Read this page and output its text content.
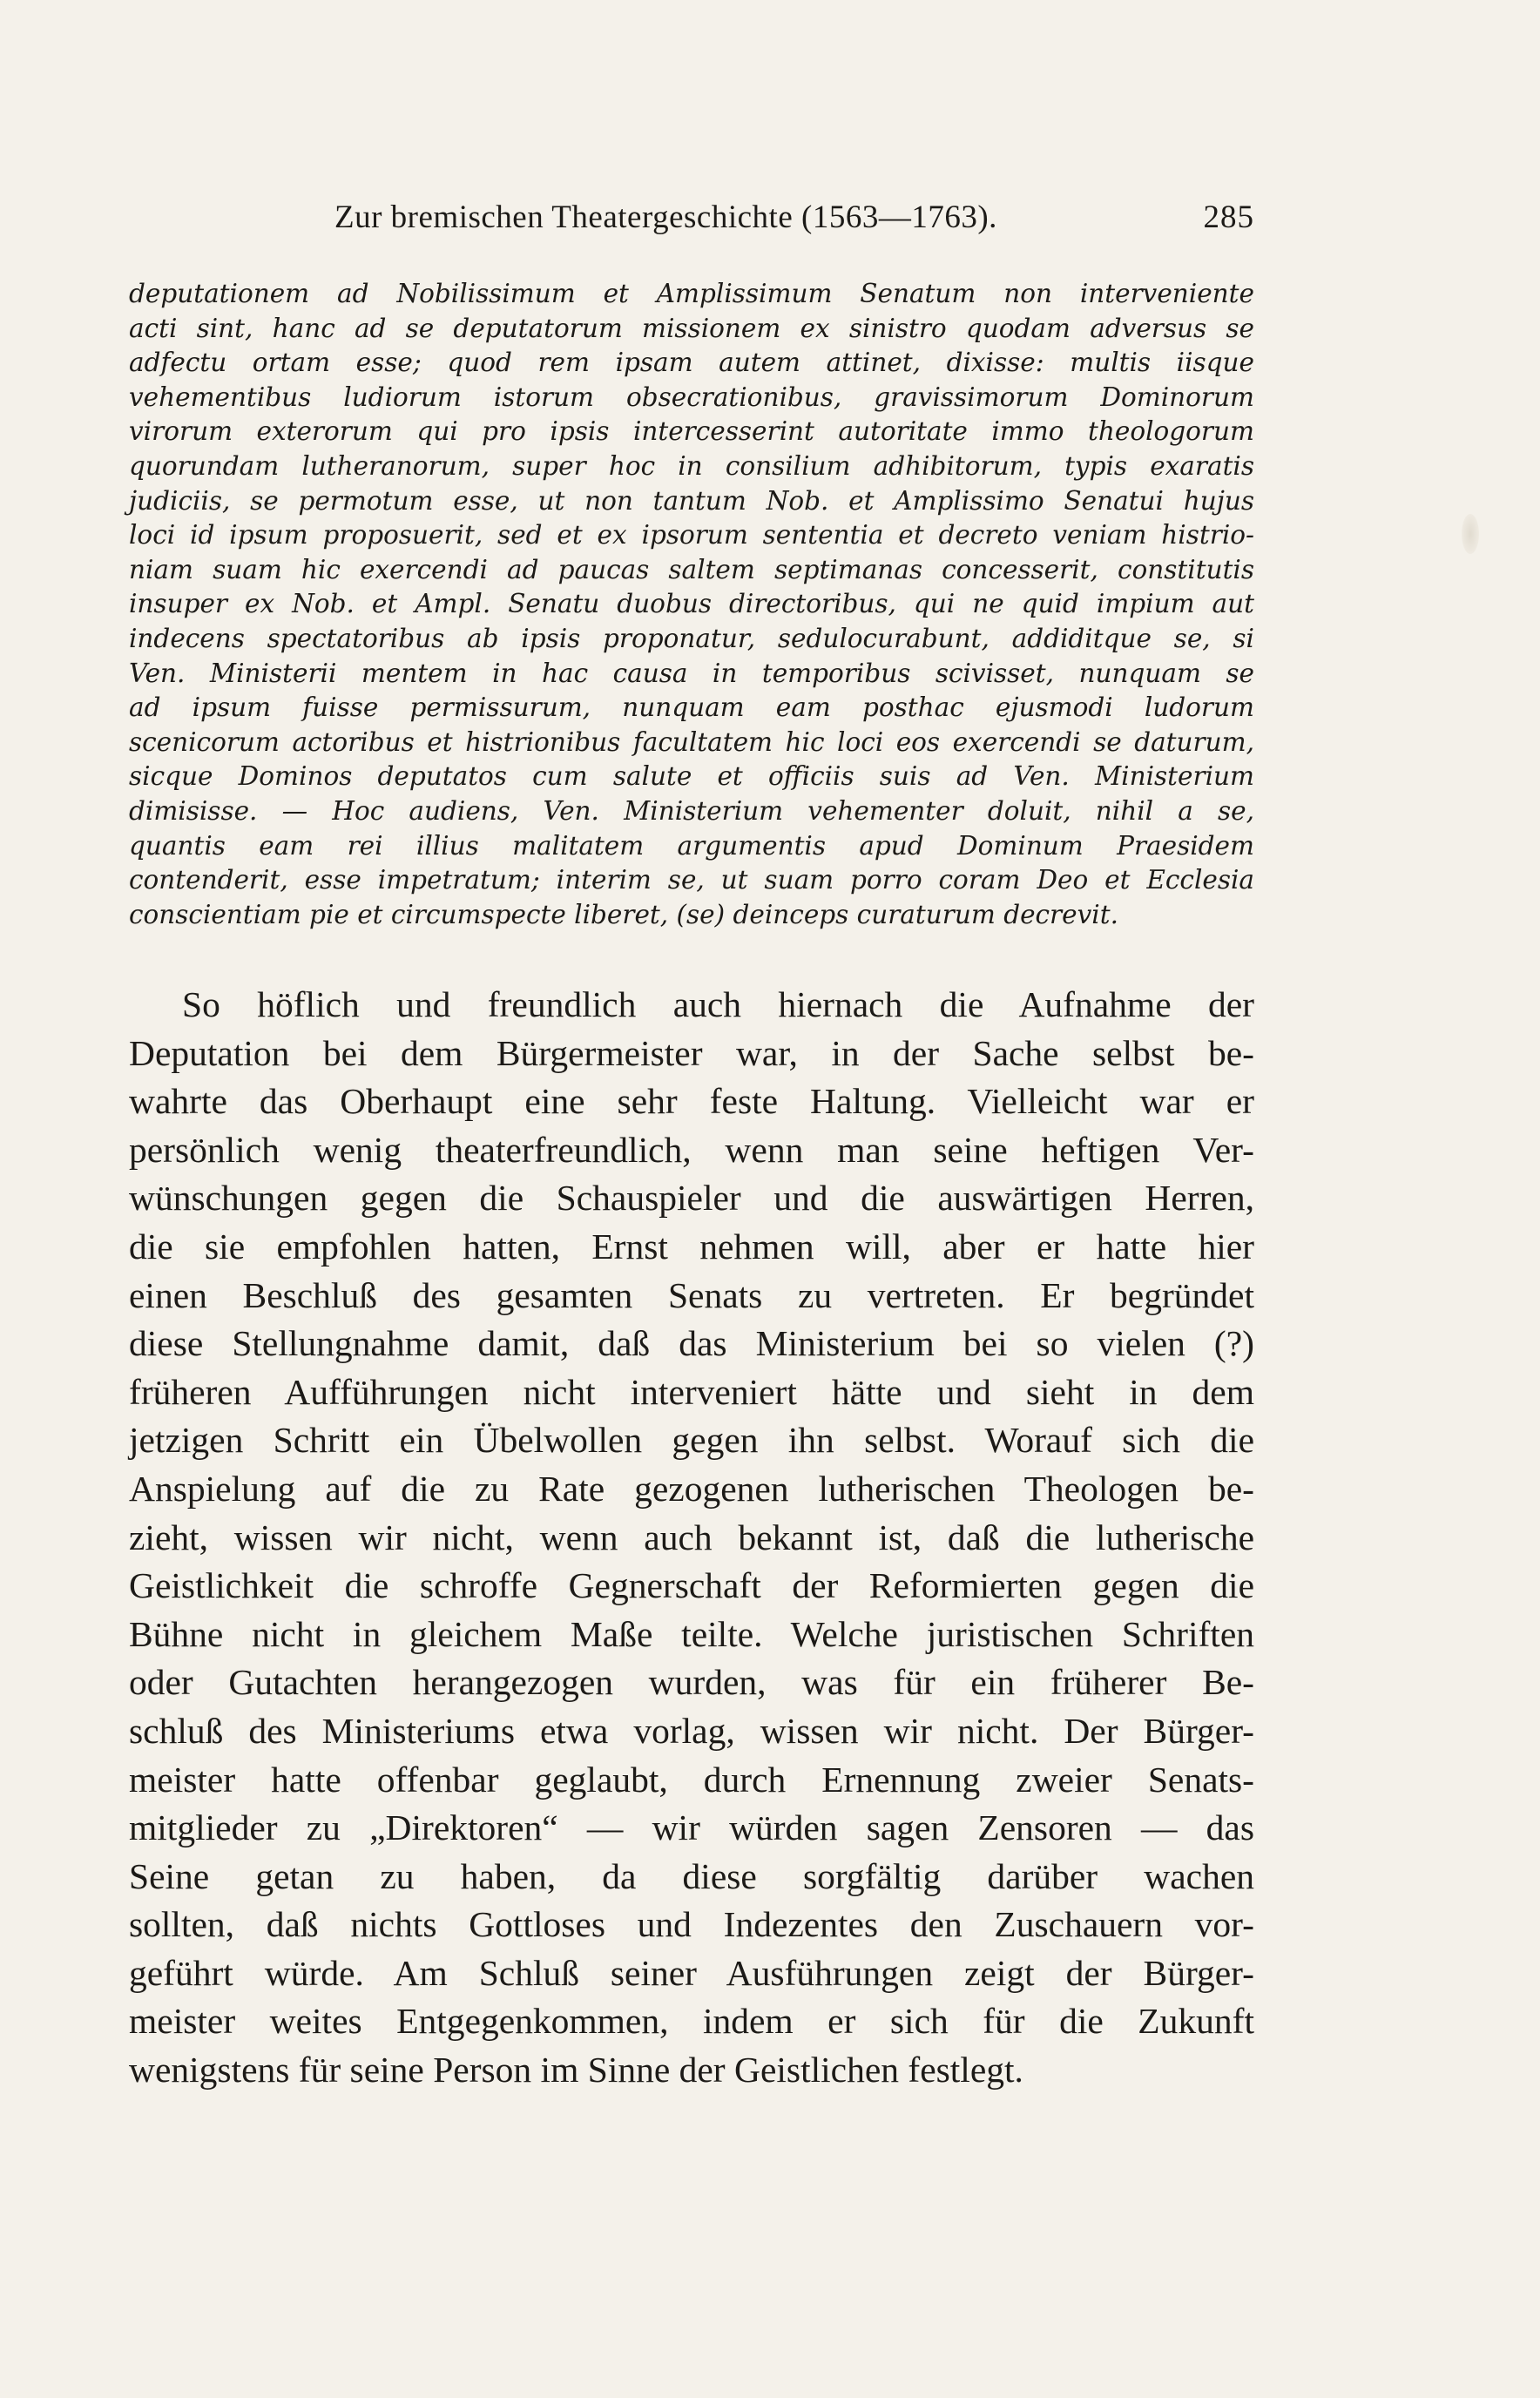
Zur bremischen Theatergeschichte (1563—1763).	285
deputationem ad Nobilissimum et Amplissimum Senatum non interveniente
acti sint, hanc ad se deputatorum missionem ex sinistro quodam adversus se
adfectu ortam esse; quod rem ipsam autem attinet, dixisse: multis iisque
vehementibus ludiorum istorum obsecrationibus, gravissimorum Dominorum
virorum exterorum qui pro ipsis intercesserint autoritate immo theologorum
quorundam lutheranorum, super hoc in consilium adhibitorum, typis exaratis
judiciis, se permotum esse, ut non tantum Nob. et Amplissimo Senatui hujus
loci id ipsum proposuerit, sed et ex ipsorum sententia et decreto veniam histrio-
niam suam hic exercendi ad paucas saltem septimanas concesserit, constitutis
insuper ex Nob. et Ampl. Senatu duobus directoribus, qui ne quid impium aut
indecens spectatoribus ab ipsis proponatur, sedulocurabunt, addiditque se, si
Ven. Ministerii mentem in hac causa in temporibus scivisset, nunquam se
ad ipsum fuisse permissurum, nunquam eam posthac ejusmodi ludorum
scenicorum actoribus et histrionibus facultatem hic loci eos exercendi se daturum,
sicque Dominos deputatos cum salute et officiis suis ad Ven. Ministerium
dimisisse. — Hoc audiens, Ven. Ministerium vehementer doluit, nihil a se,
quantis eam rei illius malitatem argumentis apud Dominum Praesidem
contenderit, esse impetratum; interim se, ut suam porro coram Deo et Ecclesia
conscientiam pie et circumspecte liberet, (se) deinceps curaturum decrevit.
So höflich und freundlich auch hiernach die Aufnahme der
Deputation bei dem Bürgermeister war, in der Sache selbst be-
wahrte das Oberhaupt eine sehr feste Haltung. Vielleicht war er
persönlich wenig theaterfreundlich, wenn man seine heftigen Ver-
wünschungen gegen die Schauspieler und die auswärtigen Herren,
die sie empfohlen hatten, Ernst nehmen will, aber er hatte hier
einen Beschluß des gesamten Senats zu vertreten. Er begründet
diese Stellungnahme damit, daß das Ministerium bei so vielen (?)
früheren Aufführungen nicht interveniert hätte und sieht in dem
jetzigen Schritt ein Übelwollen gegen ihn selbst. Worauf sich die
Anspielung auf die zu Rate gezogenen lutherischen Theologen be-
zieht, wissen wir nicht, wenn auch bekannt ist, daß die lutherische
Geistlichkeit die schroffe Gegnerschaft der Reformierten gegen die
Bühne nicht in gleichem Maße teilte. Welche juristischen Schriften
oder Gutachten herangezogen wurden, was für ein früherer Be-
schluß des Ministeriums etwa vorlag, wissen wir nicht. Der Bürger-
meister hatte offenbar geglaubt, durch Ernennung zweier Senats-
mitglieder zu „Direktoren“ — wir würden sagen Zensoren — das
Seine getan zu haben, da diese sorgfältig darüber wachen
sollten, daß nichts Gottloses und Indezentes den Zuschauern vor-
geführt würde. Am Schluß seiner Ausführungen zeigt der Bürger-
meister weites Entgegenkommen, indem er sich für die Zukunft
wenigstens für seine Person im Sinne der Geistlichen festlegt.
